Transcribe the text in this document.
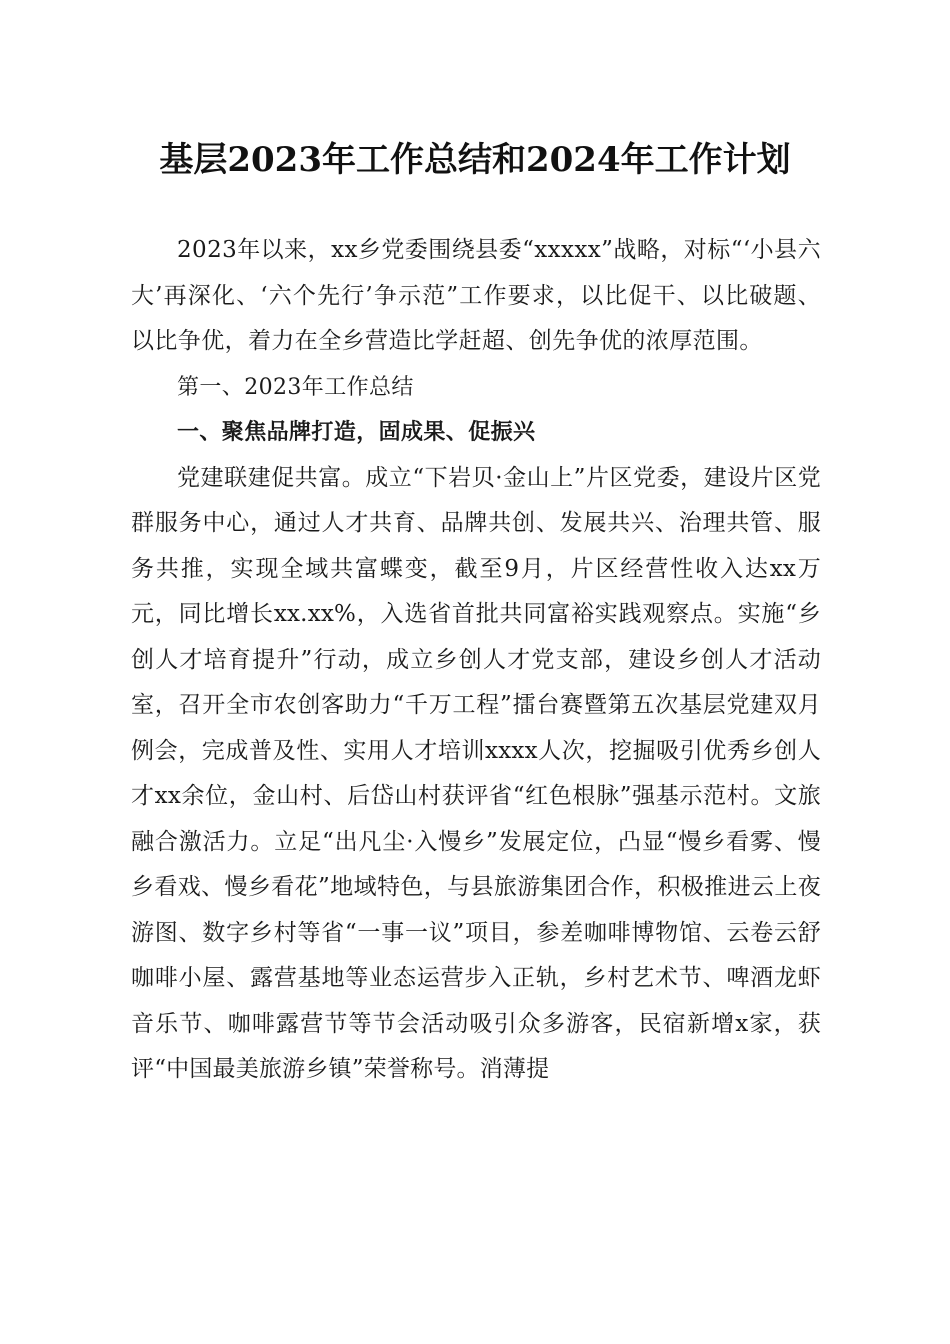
基层2023年工作总结和2024年工作计划

2023年以来，xx乡党委围绕县委“xxxxx”战略，对标“‘小县六大’再深化、‘六个先行’争示范”工作要求，以比促干、以比破题、以比争优，着力在全乡营造比学赶超、创先争优的浓厚范围。

第一、2023年工作总结

一、聚焦品牌打造，固成果、促振兴

党建联建促共富。成立“下岩贝·金山上”片区党委，建设片区党群服务中心，通过人才共育、品牌共创、发展共兴、治理共管、服务共推，实现全域共富蝶变，截至9月，片区经营性收入达xx万元，同比增长xx.xx%，入选省首批共同富裕实践观察点。实施“乡创人才培育提升”行动，成立乡创人才党支部，建设乡创人才活动室，召开全市农创客助力“千万工程”擂台赛暨第五次基层党建双月例会，完成普及性、实用人才培训xxxx人次，挖掘吸引优秀乡创人才xx余位，金山村、后岱山村获评省“红色根脉”强基示范村。文旅融合激活力。立足“出凡尘·入慢乡”发展定位，凸显“慢乡看雾、慢乡看戏、慢乡看花”地域特色，与县旅游集团合作，积极推进云上夜游图、数字乡村等省“一事一议”项目，参差咖啡博物馆、云卷云舒咖啡小屋、露营基地等业态运营步入正轨，乡村艺术节、啤酒龙虾音乐节、咖啡露营节等节会活动吸引众多游客，民宿新增x家，获评“中国最美旅游乡镇”荣誉称号。消薄提
